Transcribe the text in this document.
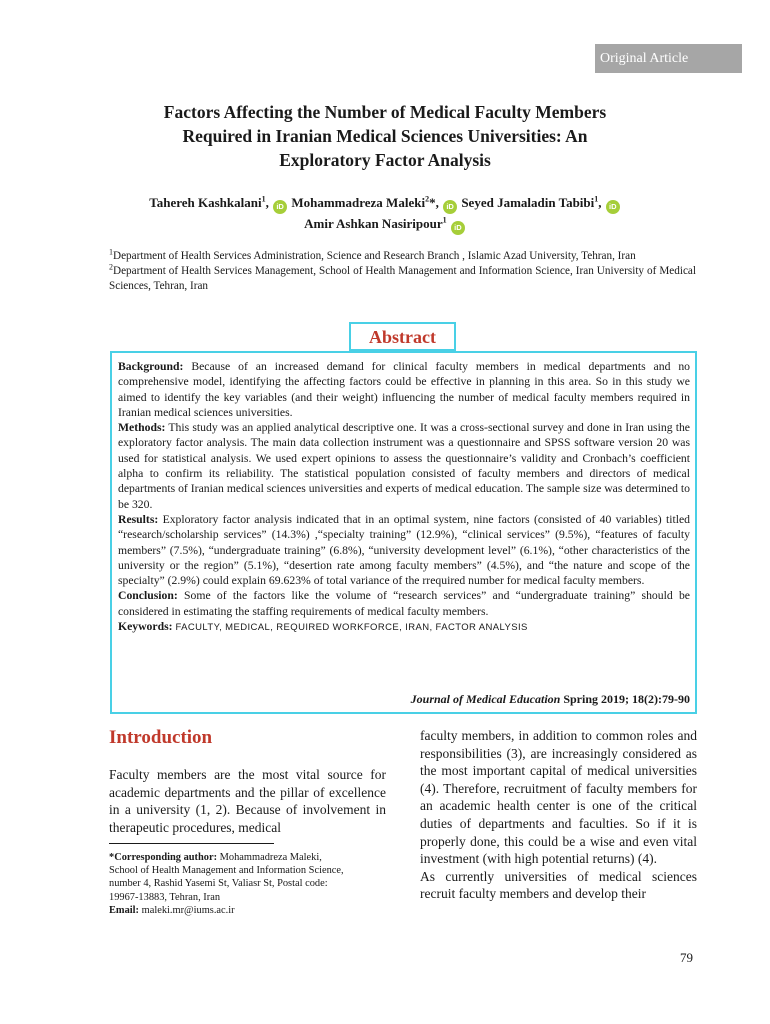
Original Article
Factors Affecting the Number of Medical Faculty Members
Required in Iranian Medical Sciences Universities: An
Exploratory Factor Analysis
Tahereh Kashkalani$^1$, iD Mohammadreza Maleki$^2$*, iD Seyed Jamaladin Tabibi$^1$, iD
Amir Ashkan Nasiripour$^1$ iD

$^1$Department of Health Services Administration, Science and Research Branch , Islamic Azad University, Tehran, Iran

$^2$Department of Health Services Management, School of Health Management and Information Science, Iran University of Medical Sciences, Tehran, Iran

Background: Because of an increased demand for clinical faculty members in medical departments and no comprehensive model, identifying the affecting factors could be effective in planning in this area. So in this study we aimed to identify the key variables (and their weight) influencing the number of medical faculty members required in Iranian medical sciences universities.

Methods: This study was an applied analytical descriptive one. It was a cross-sectional survey and done in Iran using the exploratory factor analysis. The main data collection instrument was a questionnaire and SPSS software version 20 was used for statistical analysis. We used expert opinions to assess the questionnaire’s validity and Cronbach’s coefficient alpha to confirm its reliability. The statistical population consisted of faculty members and directors of medical departments of Iranian medical sciences universities and experts of medical education. The sample size was determined to be 320.

Results: Exploratory factor analysis indicated that in an optimal system, nine factors (consisted of 40 variables) titled “research/scholarship services” (14.3%) ,“specialty training” (12.9%), “clinical services” (9.5%), “features of faculty members” (7.5%), “undergraduate training” (6.8%), “university development level” (6.1%), “other characteristics of the university or the region” (5.1%), “desertion rate among faculty members” (4.5%), and “the nature and scope of the specialty” (2.9%) could explain 69.623% of total variance of the rrequired number for medical faculty members.

Conclusion: Some of the factors like the volume of “research services” and “undergraduate training” should be considered in estimating the staffing requirements of medical faculty members.

Keywords: FACULTY, MEDICAL, REQUIRED WORKFORCE, IRAN, FACTOR ANALYSIS

Journal of Medical Education Spring 2019; 18(2):79-90
Abstract
Introduction
Faculty members are the most vital source for academic departments and the pillar of excellence in a university (1, 2). Because of involvement in therapeutic procedures, medical

*Corresponding author: Mohammadreza Maleki,

School of Health Management and Information Science,

number 4, Rashid Yasemi St, Valiasr St, Postal code:

19967-13883, Tehran, Iran

Email: maleki.mr@iums.ac.ir

faculty members, in addition to common roles and responsibilities (3), are increasingly considered as the most important capital of medical universities (4). Therefore, recruitment of faculty members for an academic health center is one of the critical duties of departments and faculties. So if it is properly done, this could be a wise and even vital investment (with high potential returns) (4).

As currently universities of medical sciences recruit faculty members and develop their

79
